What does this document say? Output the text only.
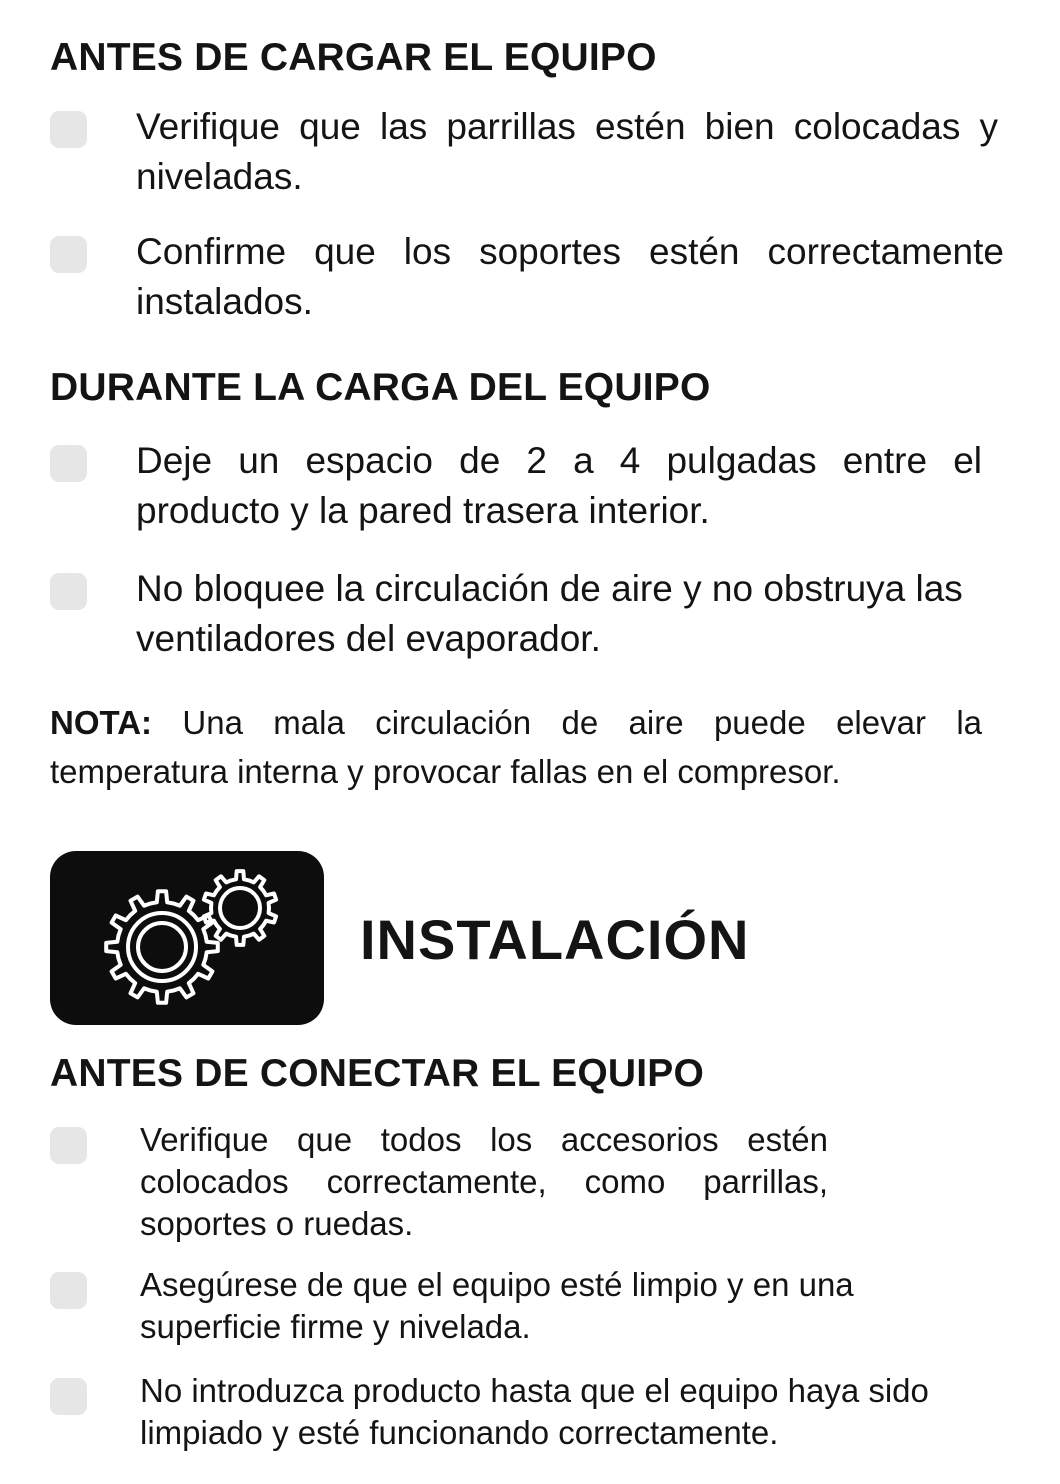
ANTES DE CARGAR EL EQUIPO

Verifique que las parrillas estén bien colocadas y niveladas.

Confirme que los soportes estén correctamente instalados.

DURANTE LA CARGA DEL EQUIPO

Deje un espacio de 2 a 4 pulgadas entre el producto y la pared trasera interior.

No bloquee la circulación de aire y no obstruya las ventiladores del evaporador.

NOTA: Una mala circulación de aire puede elevar la temperatura interna y provocar fallas en el compresor.

INSTALACIÓN
ANTES DE CONECTAR EL EQUIPO

Verifique que todos los accesorios estén colocados correctamente, como parrillas, soportes o ruedas.

Asegúrese de que el equipo esté limpio y en una superficie firme y nivelada.

No introduzca producto hasta que el equipo haya sido limpiado y esté funcionando correctamente.
